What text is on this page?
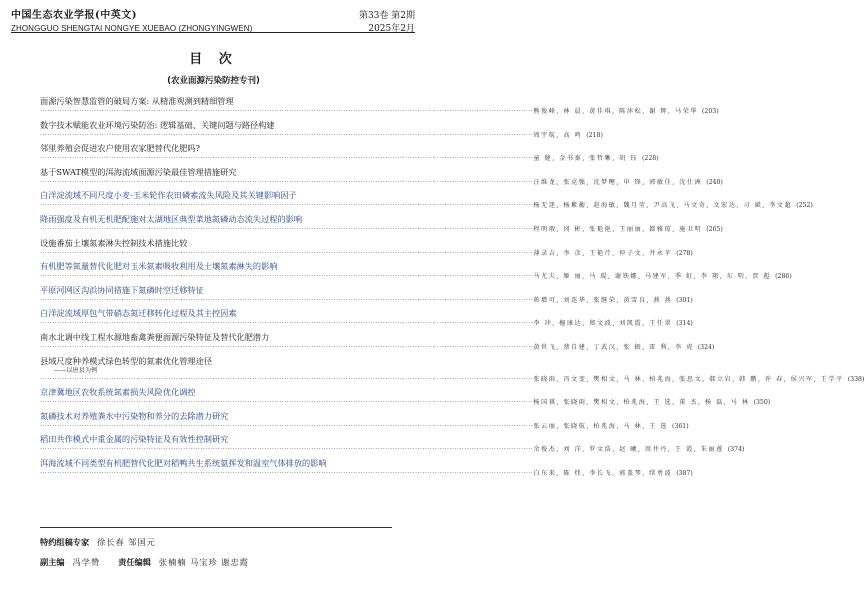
中国生态农业学报(中英文)	第33卷 第2期
ZHONGGUO SHENGTAI NONGYE XUEBAO (ZHONGYINGWEN)	2025年2月
目 次
(农业面源污染防控专刊)
面源污染智慧监管的破局方案: 从精准观测到精细管理
········································································································································································································ 熊俊峰, 林 晨, 黄佳琪, 陈沐松, 谢 辉, 马荣华 (203)
数字技术赋能农业环境污染防治: 逻辑基础、关键问题与路径构建
········································································································································································································ 周宇航, 高 鸣 (218)
邻里养殖会促进农户使用农家肥替代化肥吗?
········································································································································································································ 童 健, 金书秦, 张哲晰, 胡 钰 (228)
基于SWAT模型的洱海流域面源污染最佳管理措施研究
········································································································································································································ 汪维龙, 张克强, 沈梦鲤, 申 锋, 郭敏佳, 沈仕洲 (240)
白洋淀流域不同尺度小麦-玉米轮作农田磷素流失风险及其关键影响因子
········································································································································································································ 杨无迷, 杨紫蘅, 赵海敏, 魏月莹, 尹高飞, 马文奇, 文宏达, 习 斌, 李文超 (252)
降雨强度及有机无机肥配施对太湖地区典型菜地氮磷动态流失过程的影响
········································································································································································································ 程明瑕, 冈 彬, 张艳艳, 王丽丽, 都雅琼, 施卫明 (265)
设施番茄土壤氮素淋失控制技术措施比较
········································································································································································································ 薄录吉, 李 彦, 王艳芹, 仲子文, 井永苹 (278)
有机肥等氮量替代化肥对玉米氮素吸收利用及土壤氮素淋失的影响
········································································································································································································ 马尤夫, 姬 丽, 马 琨, 谢铁娜, 马建军, 季 虹, 李 翔, 东 明, 贾 彪 (286)
平原河网区沟浜协同措施下氮磷时空迁移特征
········································································································································································································ 蒋增可, 刘连华, 张继荣, 黄雪良, 燕 燕 (301)
白洋淀流域厚包气带硝态氮迁移转化过程及其主控因素
········································································································································································································ 李 冲, 檀康达, 郑文波, 刘凯霞, 王任翠 (314)
南水北调中线工程水源地畜禽粪便面源污染特征及替代化肥潜力
········································································································································································································ 黄世飞, 蔡自建, 丁武汉, 张 振, 雷 利, 李 虎 (324)
县域尺度种养模式绿色转型的氮素优化管理途径
——以唐县为例
········································································································································································································ 张晓雨, 冯文变, 樊相文, 马 林, 柏兆海, 张思文, 郝立岩, 韩 鹏, 许 春, 侯兴军, 王学平 (338)
京津冀地区农牧系统氮素损失风险优化调控
········································································································································································································ 杨国祺, 张晓雨, 樊相文, 柏兆海, 王 选, 董 杰, 杨 磊, 马 林 (350)
氮磷技术对养殖粪水中污染物和养分的去除潜力研究
········································································································································································································ 张云丽, 张晓航, 柏兆海, 马 林, 王 选 (361)
稻田共作模式中重金属的污染特征及有效性控制研究
········································································································································································································ 余俊杰, 刘 洋, 罗文浩, 赵 曦, 周井丹, 王 霞, 朱丽莲 (374)
洱海流域不同类型有机肥替代化肥对稻鸭共生系统氨挥发和温室气体排放的影响
········································································································································································································ 白东来, 陈 炜, 李长飞, 郭盖琴, 续勇波 (387)
特约组稿专家 徐长春 邹国元
副主编 冯学赞 责任编辑 张楠楠 马宝珍 谢忠霞
